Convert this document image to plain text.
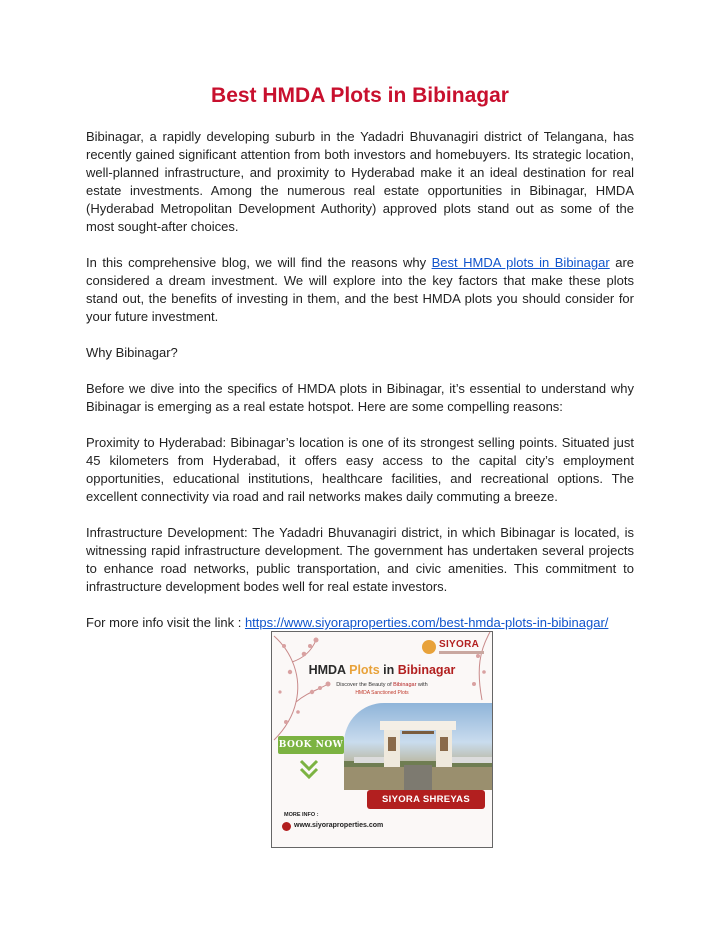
Best HMDA Plots in Bibinagar

Bibinagar, a rapidly developing suburb in the Yadadri Bhuvanagiri district of Telangana, has recently gained significant attention from both investors and homebuyers. Its strategic location, well-planned infrastructure, and proximity to Hyderabad make it an ideal destination for real estate investments. Among the numerous real estate opportunities in Bibinagar, HMDA (Hyderabad Metropolitan Development Authority) approved plots stand out as some of the most sought-after choices.

In this comprehensive blog, we will find the reasons why Best HMDA plots in Bibinagar are considered a dream investment. We will explore into the key factors that make these plots stand out, the benefits of investing in them, and the best HMDA plots you should consider for your future investment.

Why Bibinagar?

Before we dive into the specifics of HMDA plots in Bibinagar, it’s essential to understand why Bibinagar is emerging as a real estate hotspot. Here are some compelling reasons:

Proximity to Hyderabad: Bibinagar’s location is one of its strongest selling points. Situated just 45 kilometers from Hyderabad, it offers easy access to the capital city’s employment opportunities, educational institutions, healthcare facilities, and recreational options. The excellent connectivity via road and rail networks makes daily commuting a breeze.

Infrastructure Development: The Yadadri Bhuvanagiri district, in which Bibinagar is located, is witnessing rapid infrastructure development. The government has undertaken several projects to enhance road networks, public transportation, and civic amenities. This commitment to infrastructure development bodes well for real estate investors.

For more info visit the link : https://www.siyoraproperties.com/best-hmda-plots-in-bibinagar/

SIYORA
HMDA Plots in Bibinagar
Discover the Beauty of Bibinagar with
HMDA Sanctioned Plots
BOOK NOW
SIYORA SHREYAS
MORE INFO :
www.siyoraproperties.com
